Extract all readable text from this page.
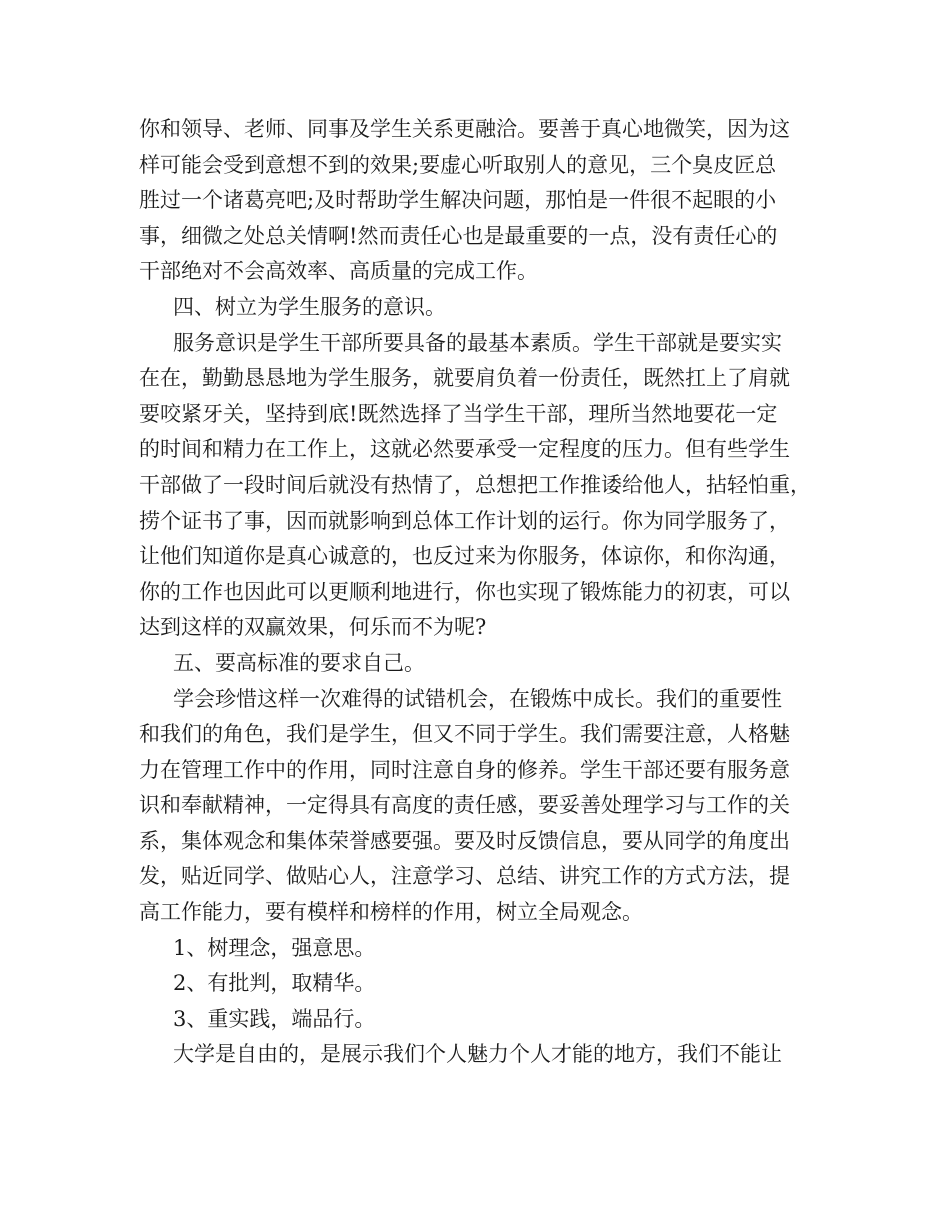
你和领导、老师、同事及学生关系更融洽。要善于真心地微笑，因为这
样可能会受到意想不到的效果;要虚心听取别人的意见，三个臭皮匠总
胜过一个诸葛亮吧;及时帮助学生解决问题，那怕是一件很不起眼的小
事，细微之处总关情啊!然而责任心也是最重要的一点，没有责任心的
干部绝对不会高效率、高质量的完成工作。
四、树立为学生服务的意识。
服务意识是学生干部所要具备的最基本素质。学生干部就是要实实
在在，勤勤恳恳地为学生服务，就要肩负着一份责任，既然扛上了肩就
要咬紧牙关，坚持到底!既然选择了当学生干部，理所当然地要花一定
的时间和精力在工作上，这就必然要承受一定程度的压力。但有些学生
干部做了一段时间后就没有热情了，总想把工作推诿给他人，拈轻怕重，
捞个证书了事，因而就影响到总体工作计划的运行。你为同学服务了，
让他们知道你是真心诚意的，也反过来为你服务，体谅你，和你沟通，
你的工作也因此可以更顺利地进行，你也实现了锻炼能力的初衷，可以
达到这样的双赢效果，何乐而不为呢?
五、要高标准的要求自己。
学会珍惜这样一次难得的试错机会，在锻炼中成长。我们的重要性
和我们的角色，我们是学生，但又不同于学生。我们需要注意，人格魅
力在管理工作中的作用，同时注意自身的修养。学生干部还要有服务意
识和奉献精神，一定得具有高度的责任感，要妥善处理学习与工作的关
系，集体观念和集体荣誉感要强。要及时反馈信息，要从同学的角度出
发，贴近同学、做贴心人，注意学习、总结、讲究工作的方式方法，提
高工作能力，要有模样和榜样的作用，树立全局观念。
1、树理念，强意思。
2、有批判，取精华。
3、重实践，端品行。
大学是自由的，是展示我们个人魅力个人才能的地方，我们不能让
